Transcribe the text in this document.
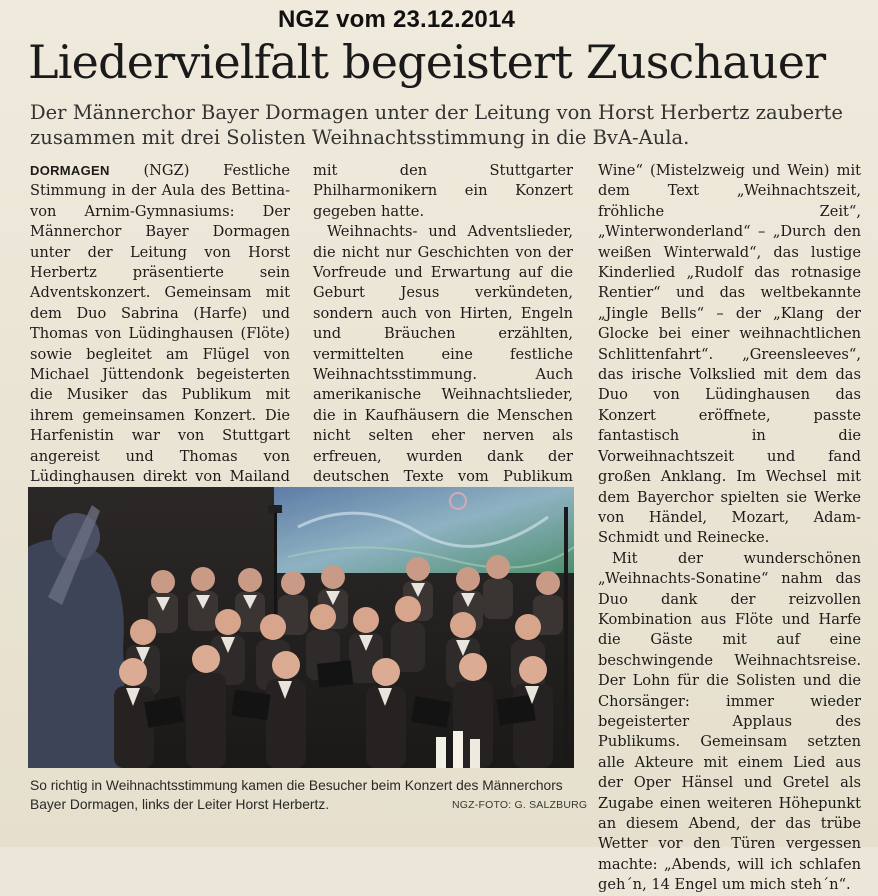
NGZ vom 23.12.2014
Liedervielfalt begeistert Zuschauer
Der Männerchor Bayer Dormagen unter der Leitung von Horst Herbertz zauberte zusammen mit drei Solisten Weihnachtsstimmung in die BvA-Aula.

DORMAGEN (NGZ) Festliche Stimmung in der Aula des Bettina-von Arnim-Gymnasiums: Der Männerchor Bayer Dormagen unter der Leitung von Horst Herbertz präsentierte sein Adventskonzert. Gemeinsam mit dem Duo Sabrina (Harfe) und Thomas von Lüdinghausen (Flöte) sowie begleitet am Flügel von Michael Jüttendonk begeisterten die Musiker das Publikum mit ihrem gemeinsamen Konzert. Die Harfenistin war von Stuttgart angereist und Thomas von Lüdinghausen direkt von Mailand

mit den Stuttgarter Philharmonikern ein Konzert gegeben hatte.

Weihnachts- und Adventslieder, die nicht nur Geschichten von der Vorfreude und Erwartung auf die Geburt Jesus verkündeten, sondern auch von Hirten, Engeln und Bräuchen erzählten, vermittelten eine festliche Weihnachtsstimmung. Auch amerikanische Weihnachtslieder, die in Kaufhäusern die Menschen nicht selten eher nerven als erfreuen, wurden dank der deutschen Texte vom Publikum

Wine“ (Mistelzweig und Wein) mit dem Text „Weihnachtszeit, fröhliche Zeit“, „Winterwonderland“ – „Durch den weißen Winterwald“, das lustige Kinderlied „Rudolf das rotnasige Rentier“ und das weltbekannte „Jingle Bells“ – der „Klang der Glocke bei einer weihnachtlichen Schlittenfahrt“. „Greensleeves“, das irische Volkslied mit dem das Duo von Lüdinghausen das Konzert eröffnete, passte fantastisch in die Vorweihnachtszeit und fand großen Anklang. Im Wechsel mit dem Bayerchor spielten sie Werke von Händel, Mozart, Adam-Schmidt und Reinecke.

Mit der wunderschönen „Weihnachts-Sonatine“ nahm das Duo dank der reizvollen Kombination aus Flöte und Harfe die Gäste mit auf eine beschwingende Weihnachtsreise. Der Lohn für die Solisten und die Chorsänger: immer wieder begeisterter Applaus des Publikums. Gemeinsam setzten alle Akteure mit einem Lied aus der Oper Hänsel und Gretel als Zugabe einen weiteren Höhepunkt an diesem Abend, der das trübe Wetter vor den Türen vergessen machte: „Abends, will ich schlafen geh´n, 14 Engel um mich steh´n“.

So richtig in Weihnachtsstimmung kamen die Besucher beim Konzert des Männerchors Bayer Dormagen, links der Leiter Horst Herbertz.	NGZ-FOTO: G. SALZBURG
